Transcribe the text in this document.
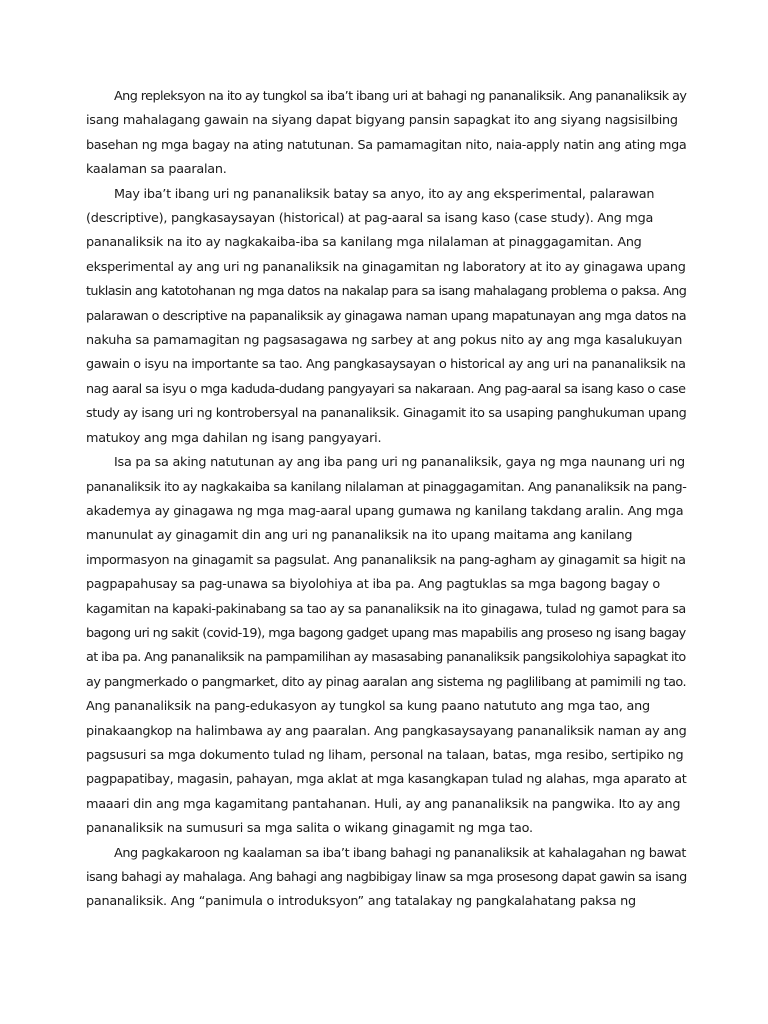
Ang repleksyon na ito ay tungkol sa iba’t ibang uri at bahagi ng pananaliksik. Ang pananaliksik ay
isang mahalagang gawain na siyang dapat bigyang pansin sapagkat ito ang siyang nagsisilbing
basehan ng mga bagay na ating natutunan. Sa pamamagitan nito, naia-apply natin ang ating mga
kaalaman sa paaralan.
May iba’t ibang uri ng pananaliksik batay sa anyo, ito ay ang eksperimental, palarawan
(descriptive), pangkasaysayan (historical) at pag-aaral sa isang kaso (case study). Ang mga
pananaliksik na ito ay nagkakaiba-iba sa kanilang mga nilalaman at pinaggagamitan. Ang
eksperimental ay ang uri ng pananaliksik na ginagamitan ng laboratory at ito ay ginagawa upang
tuklasin ang katotohanan ng mga datos na nakalap para sa isang mahalagang problema o paksa. Ang
palarawan o descriptive na papanaliksik ay ginagawa naman upang mapatunayan ang mga datos na
nakuha sa pamamagitan ng pagsasagawa ng sarbey at ang pokus nito ay ang mga kasalukuyan
gawain o isyu na importante sa tao. Ang pangkasaysayan o historical ay ang uri na pananaliksik na
nag aaral sa isyu o mga kaduda-dudang pangyayari sa nakaraan. Ang pag-aaral sa isang kaso o case
study ay isang uri ng kontrobersyal na pananaliksik. Ginagamit ito sa usaping panghukuman upang
matukoy ang mga dahilan ng isang pangyayari.
Isa pa sa aking natutunan ay ang iba pang uri ng pananaliksik, gaya ng mga naunang uri ng
pananaliksik ito ay nagkakaiba sa kanilang nilalaman at pinaggagamitan. Ang pananaliksik na pang-
akademya ay ginagawa ng mga mag-aaral upang gumawa ng kanilang takdang aralin. Ang mga
manunulat ay ginagamit din ang uri ng pananaliksik na ito upang maitama ang kanilang
impormasyon na ginagamit sa pagsulat. Ang pananaliksik na pang-agham ay ginagamit sa higit na
pagpapahusay sa pag-unawa sa biyolohiya at iba pa. Ang pagtuklas sa mga bagong bagay o
kagamitan na kapaki-pakinabang sa tao ay sa pananaliksik na ito ginagawa, tulad ng gamot para sa
bagong uri ng sakit (covid-19), mga bagong gadget upang mas mapabilis ang proseso ng isang bagay
at iba pa. Ang pananaliksik na pampamilihan ay masasabing pananaliksik pangsikolohiya sapagkat ito
ay pangmerkado o pangmarket, dito ay pinag aaralan ang sistema ng paglilibang at pamimili ng tao.
Ang pananaliksik na pang-edukasyon ay tungkol sa kung paano natututo ang mga tao, ang
pinakaangkop na halimbawa ay ang paaralan. Ang pangkasaysayang pananaliksik naman ay ang
pagsusuri sa mga dokumento tulad ng liham, personal na talaan, batas, mga resibo, sertipiko ng
pagpapatibay, magasin, pahayan, mga aklat at mga kasangkapan tulad ng alahas, mga aparato at
maaari din ang mga kagamitang pantahanan. Huli, ay ang pananaliksik na pangwika. Ito ay ang
pananaliksik na sumusuri sa mga salita o wikang ginagamit ng mga tao.
Ang pagkakaroon ng kaalaman sa iba’t ibang bahagi ng pananaliksik at kahalagahan ng bawat
isang bahagi ay mahalaga. Ang bahagi ang nagbibigay linaw sa mga prosesong dapat gawin sa isang
pananaliksik. Ang “panimula o introduksyon” ang tatalakay ng pangkalahatang paksa ng
